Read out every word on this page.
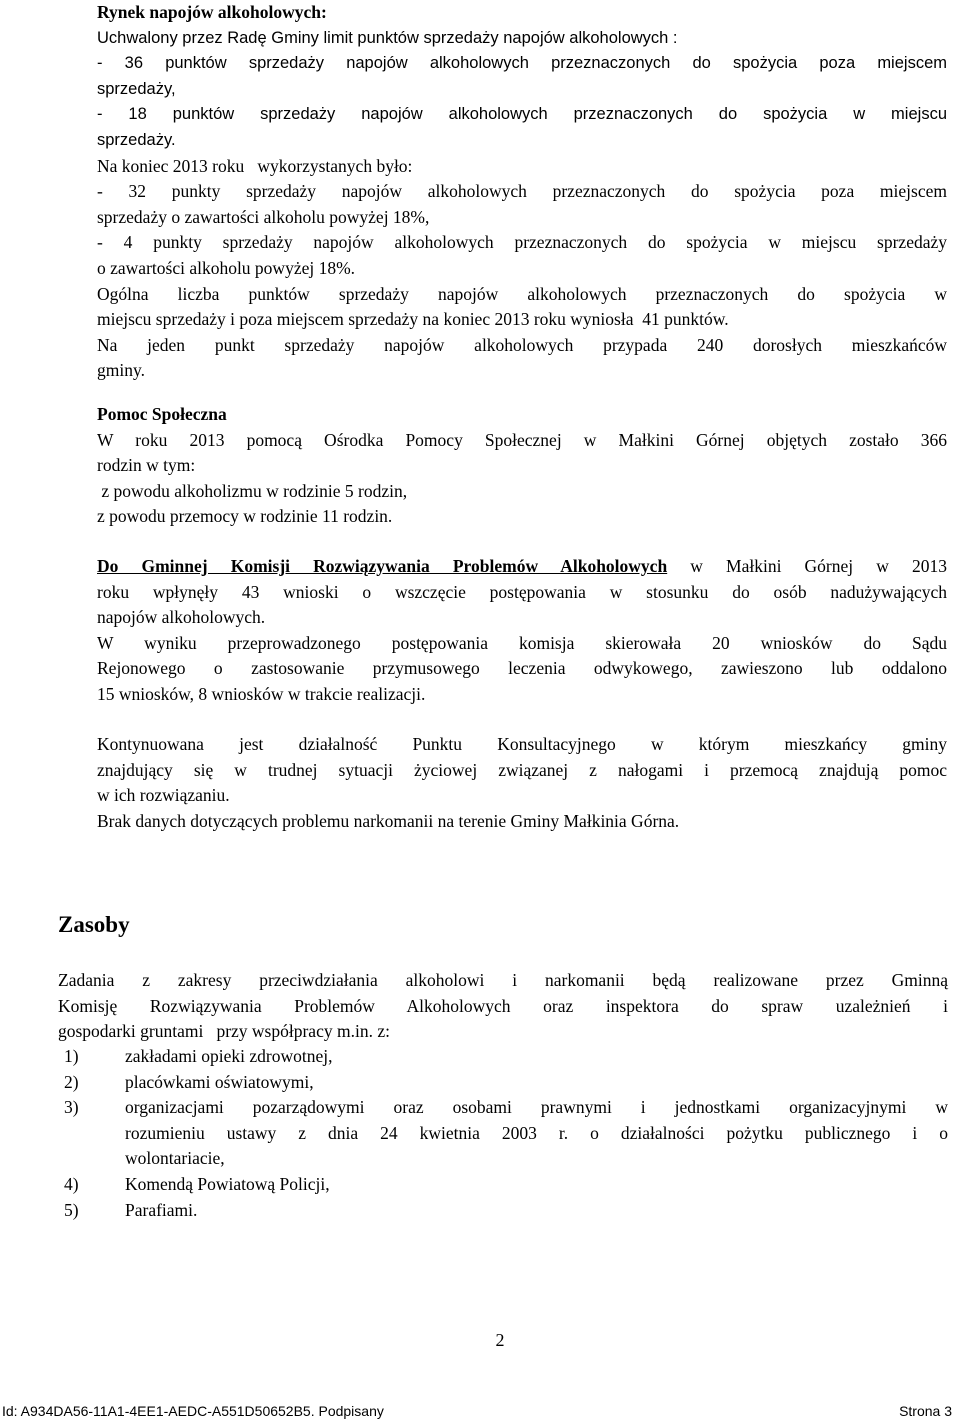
Rynek napojów alkoholowych:
Uchwalony przez Radę Gminy limit punktów sprzedaży napojów alkoholowych :
- 36 punktów sprzedaży napojów alkoholowych przeznaczonych do spożycia poza miejscem
sprzedaży,
- 18 punktów sprzedaży napojów alkoholowych przeznaczonych do spożycia w miejscu
sprzedaży.
Na koniec 2013 roku   wykorzystanych było:
- 32 punkty sprzedaży napojów alkoholowych przeznaczonych do spożycia poza miejscem
sprzedaży o zawartości alkoholu powyżej 18%,
- 4 punkty sprzedaży napojów alkoholowych przeznaczonych do spożycia w miejscu sprzedaży
o zawartości alkoholu powyżej 18%.
Ogólna liczba punktów sprzedaży napojów alkoholowych przeznaczonych do spożycia w
miejscu sprzedaży i poza miejscem sprzedaży na koniec 2013 roku wyniosła  41 punktów.
Na jeden punkt sprzedaży napojów alkoholowych przypada 240 dorosłych mieszkańców
gminy.
Pomoc Społeczna
W roku 2013 pomocą Ośrodka Pomocy Społecznej w Małkini Górnej objętych zostało 366
rodzin w tym:
z powodu alkoholizmu w rodzinie 5 rodzin,
z powodu przemocy w rodzinie 11 rodzin.
Do Gminnej Komisji Rozwiązywania Problemów Alkoholowych w Małkini Górnej w 2013
roku wpłynęły 43 wnioski o wszczęcie postępowania w stosunku do osób nadużywających
napojów alkoholowych.
W wyniku przeprowadzonego postępowania komisja skierowała 20 wniosków do Sądu
Rejonowego o zastosowanie przymusowego leczenia odwykowego, zawieszono lub oddalono
15 wniosków, 8 wniosków w trakcie realizacji.
Kontynuowana jest działalność Punktu Konsultacyjnego w którym mieszkańcy gminy
znajdujący się w trudnej sytuacji życiowej związanej z nałogami i przemocą znajdują pomoc
w ich rozwiązaniu.
Brak danych dotyczących problemu narkomanii na terenie Gminy Małkinia Górna.
Zasoby
Zadania z zakresy przeciwdziałania alkoholowi i narkomanii będą realizowane przez Gminną
Komisję Rozwiązywania Problemów Alkoholowych oraz inspektora do spraw uzależnień i
gospodarki gruntami   przy współpracy m.in. z:
1)	zakładami opieki zdrowotnej,
2)	placówkami oświatowymi,
3)	organizacjami pozarządowymi oraz osobami prawnymi i jednostkami organizacyjnymi w
rozumieniu ustawy z dnia 24 kwietnia 2003 r. o działalności pożytku publicznego i o
wolontariacie,
4)	Komendą Powiatową Policji,
5)	Parafiami.
2
Id: A934DA56-11A1-4EE1-AEDC-A551D50652B5. Podpisany	Strona 3
